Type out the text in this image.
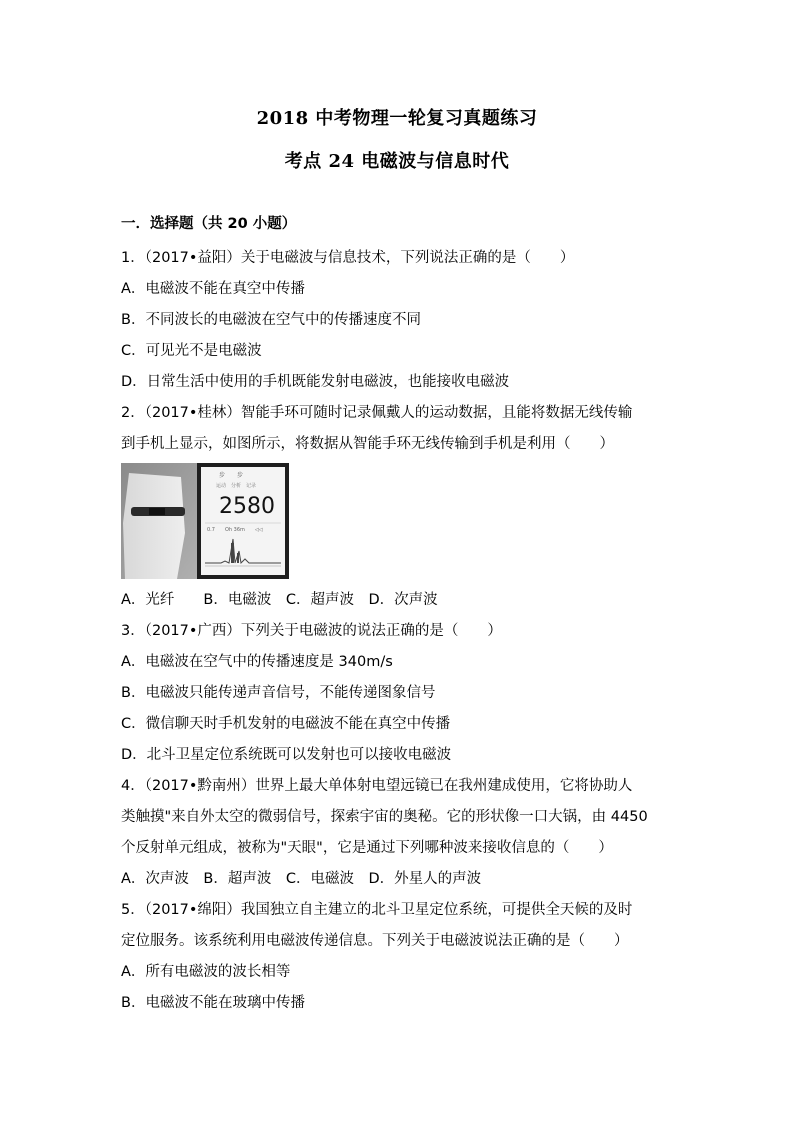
2018 中考物理一轮复习真题练习
考点 24 电磁波与信息时代
一．选择题（共 20 小题）
1．（2017•益阳）关于电磁波与信息技术，下列说法正确的是（　　）
A．电磁波不能在真空中传播
B．不同波长的电磁波在空气中的传播速度不同
C．可见光不是电磁波
D．日常生活中使用的手机既能发射电磁波，也能接收电磁波
2．（2017•桂林）智能手环可随时记录佩戴人的运动数据，且能将数据无线传输
到手机上显示，如图所示，将数据从智能手环无线传输到手机是利用（　　）
步　　步
运动　分析　记录
2580
0.7　　Oh 36m　　◁◁
A．光纤　　B．电磁波　C．超声波　D．次声波
3．（2017•广西）下列关于电磁波的说法正确的是（　　）
A．电磁波在空气中的传播速度是 340m/s
B．电磁波只能传递声音信号，不能传递图象信号
C．微信聊天时手机发射的电磁波不能在真空中传播
D．北斗卫星定位系统既可以发射也可以接收电磁波
4．（2017•黔南州）世界上最大单体射电望远镜已在我州建成使用，它将协助人
类触摸"来自外太空的微弱信号，探索宇宙的奥秘。它的形状像一口大锅，由 4450
个反射单元组成，被称为"天眼"，它是通过下列哪种波来接收信息的（　　）
A．次声波　B．超声波　C．电磁波　D．外星人的声波
5．（2017•绵阳）我国独立自主建立的北斗卫星定位系统，可提供全天候的及时
定位服务。该系统利用电磁波传递信息。下列关于电磁波说法正确的是（　　）
A．所有电磁波的波长相等
B．电磁波不能在玻璃中传播
